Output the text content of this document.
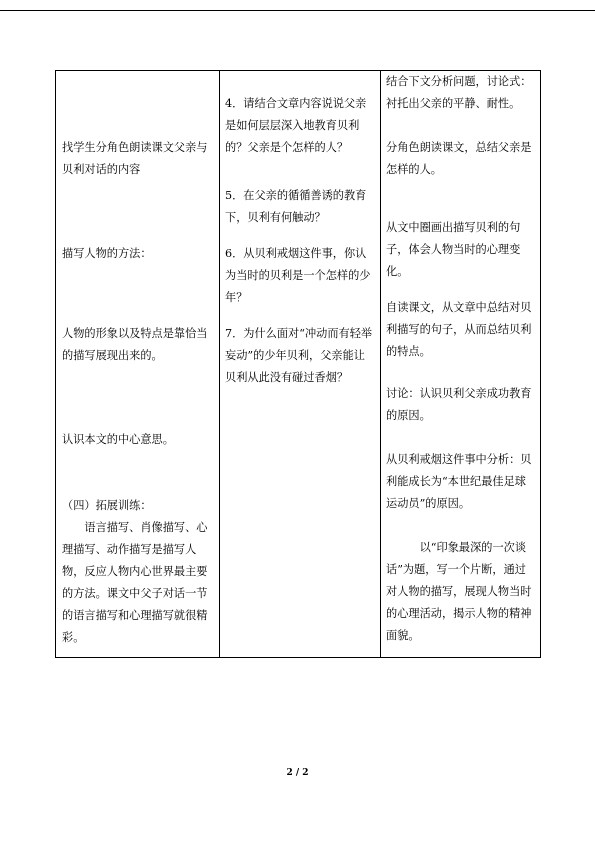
找学生分角色朗读课文父亲与贝利对话的内容

描写人物的方法：

人物的形象以及特点是靠恰当的描写展现出来的。

认识本文的中心意思。

（四）拓展训练：

语言描写、肖像描写、心理描写、动作描写是描写人物，反应人物内心世界最主要的方法。课文中父子对话一节的语言描写和心理描写就很精彩。

4．请结合文章内容说说父亲是如何层层深入地教育贝利的？父亲是个怎样的人？

5．在父亲的循循善诱的教育下，贝利有何触动？

6．从贝利戒烟这件事，你认为当时的贝利是一个怎样的少年？

7．为什么面对“冲动而有轻举妄动”的少年贝利，父亲能让贝利从此没有碰过香烟？

结合下文分析问题，讨论式：衬托出父亲的平静、耐性。

分角色朗读课文，总结父亲是怎样的人。

从文中圈画出描写贝利的句子，体会人物当时的心理变化。

自读课文，从文章中总结对贝利描写的句子，从而总结贝利的特点。

讨论：认识贝利父亲成功教育的原因。

从贝利戒烟这件事中分析：贝利能成长为“本世纪最佳足球运动员”的原因。

以“印象最深的一次谈话”为题，写一个片断，通过对人物的描写，展现人物当时的心理活动，揭示人物的精神面貌。

2 / 2
